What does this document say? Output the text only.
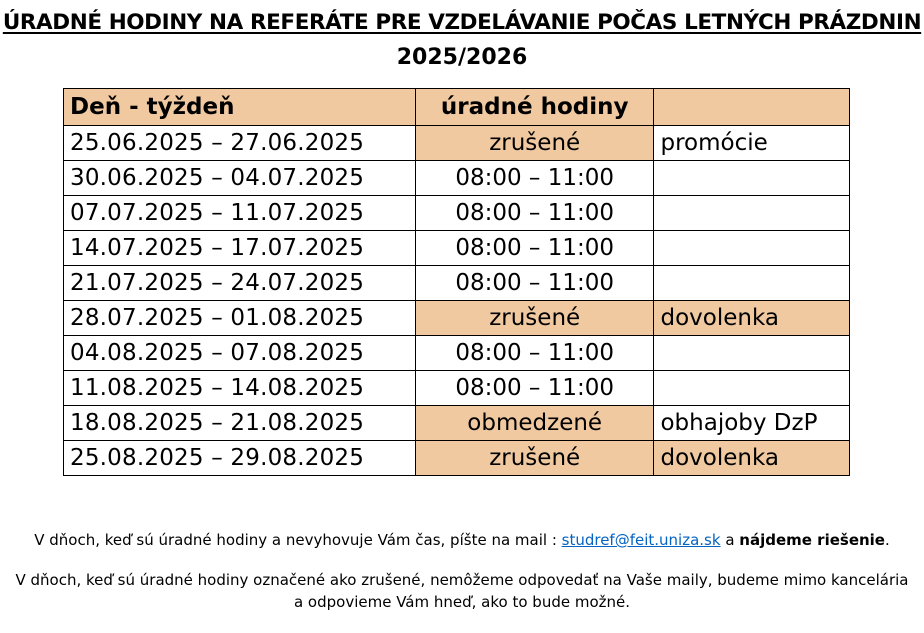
ÚRADNÉ HODINY NA REFERÁTE PRE VZDELÁVANIE POČAS LETNÝCH PRÁZDNIN
2025/2026
Deň - týždeň	úradné hodiny	
25.06.2025 – 27.06.2025	zrušené	promócie
30.06.2025 – 04.07.2025	08:00 – 11:00	
07.07.2025 – 11.07.2025	08:00 – 11:00	
14.07.2025 – 17.07.2025	08:00 – 11:00	
21.07.2025 – 24.07.2025	08:00 – 11:00	
28.07.2025 – 01.08.2025	zrušené	dovolenka
04.08.2025 – 07.08.2025	08:00 – 11:00	
11.08.2025 – 14.08.2025	08:00 – 11:00	
18.08.2025 – 21.08.2025	obmedzené	obhajoby DzP
25.08.2025 – 29.08.2025	zrušené	dovolenka
V dňoch, keď sú úradné hodiny a nevyhovuje Vám čas, píšte na mail : studref@feit.uniza.sk a nájdeme riešenie.
V dňoch, keď sú úradné hodiny označené ako zrušené, nemôžeme odpovedať na Vaše maily, budeme mimo kancelária
a odpovieme Vám hneď, ako to bude možné.
